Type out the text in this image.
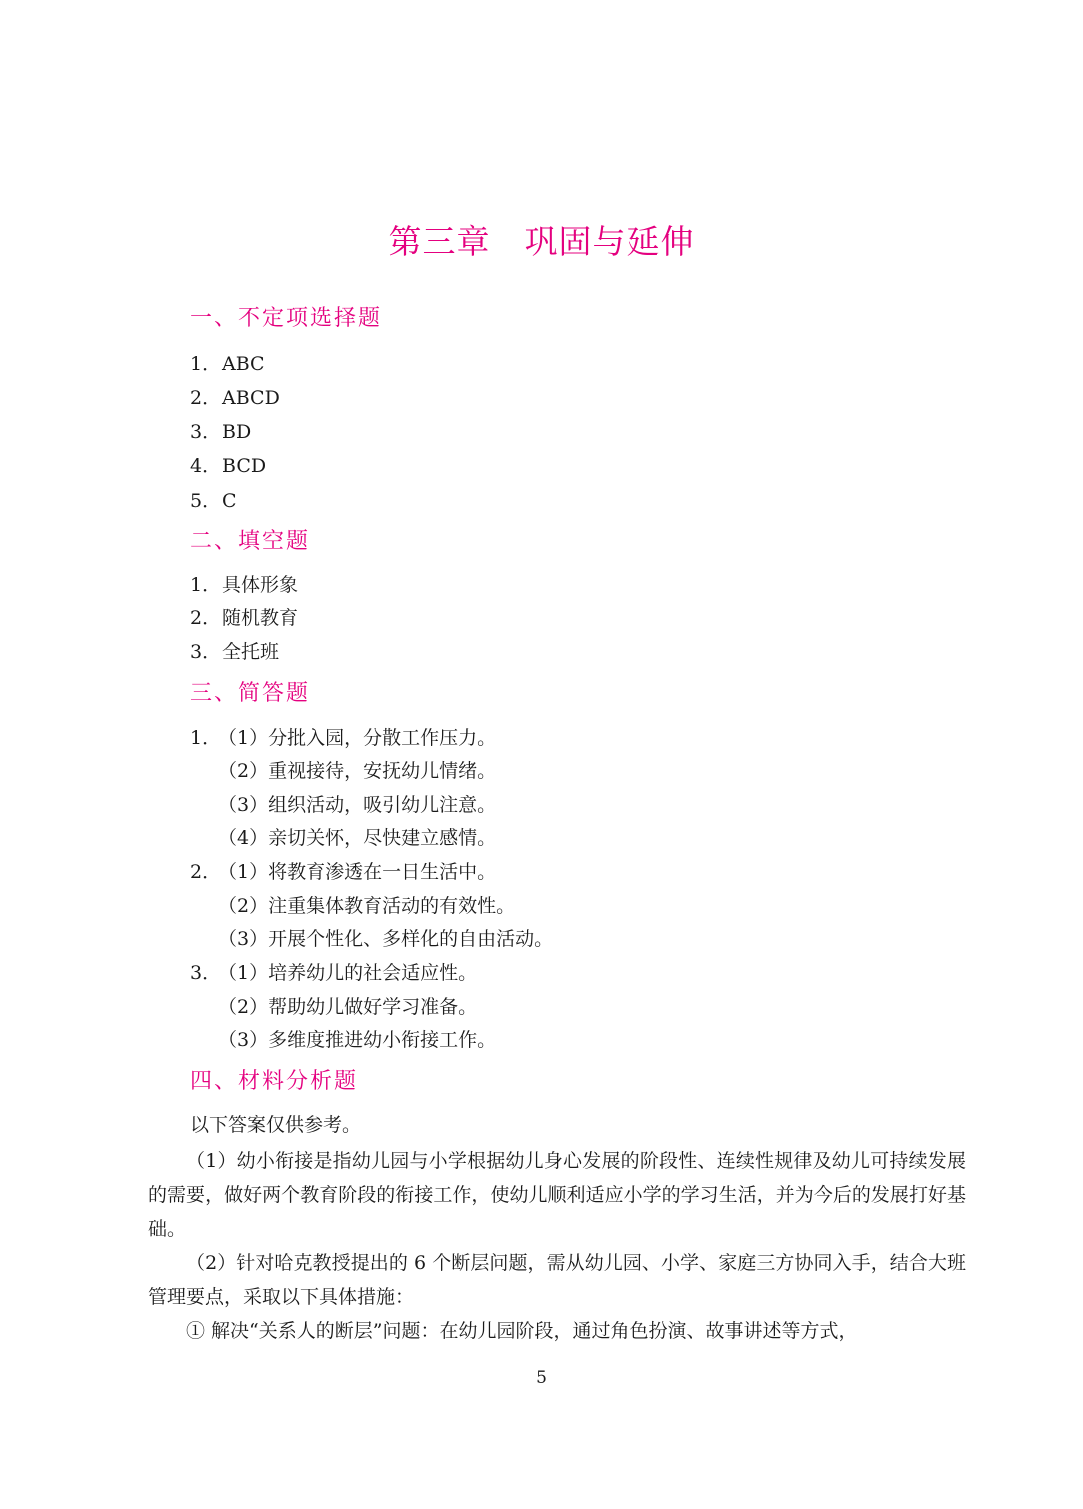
第三章 巩固与延伸
一、不定项选择题
1．ABC
2．ABCD
3．BD
4．BCD
5．C
二、填空题
1．具体形象
2．随机教育
3．全托班
三、简答题
1．（1）分批入园，分散工作压力。
（2）重视接待，安抚幼儿情绪。
（3）组织活动，吸引幼儿注意。
（4）亲切关怀，尽快建立感情。
2．（1）将教育渗透在一日生活中。
（2）注重集体教育活动的有效性。
（3）开展个性化、多样化的自由活动。
3．（1）培养幼儿的社会适应性。
（2）帮助幼儿做好学习准备。
（3）多维度推进幼小衔接工作。
四、材料分析题
以下答案仅供参考。
（1）幼小衔接是指幼儿园与小学根据幼儿身心发展的阶段性、连续性规律及幼儿可持续发展的需要，做好两个教育阶段的衔接工作，使幼儿顺利适应小学的学习生活，并为今后的发展打好基础。
（2）针对哈克教授提出的 6 个断层问题，需从幼儿园、小学、家庭三方协同入手，结合大班管理要点，采取以下具体措施：
① 解决“关系人的断层”问题：在幼儿园阶段，通过角色扮演、故事讲述等方式，
5
